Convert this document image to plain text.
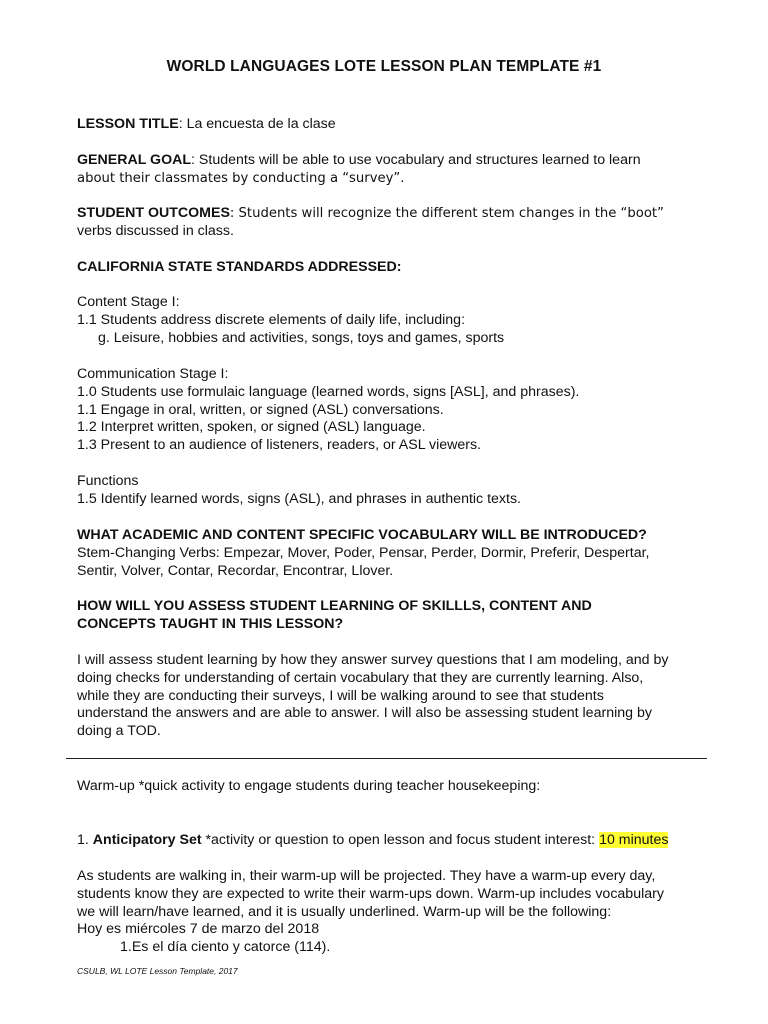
WORLD LANGUAGES LOTE LESSON PLAN TEMPLATE #1

LESSON TITLE: La encuesta de la clase

GENERAL GOAL: Students will be able to use vocabulary and structures learned to learn

about their classmates by conducting a “survey”.

STUDENT OUTCOMES: Students will recognize the different stem changes in the “boot”

verbs discussed in class.

CALIFORNIA STATE STANDARDS ADDRESSED:

Content Stage I:

1.1 Students address discrete elements of daily life, including:

g. Leisure, hobbies and activities, songs, toys and games, sports

Communication Stage I:

1.0 Students use formulaic language (learned words, signs [ASL], and phrases).

1.1 Engage in oral, written, or signed (ASL) conversations.

1.2 Interpret written, spoken, or signed (ASL) language.

1.3 Present to an audience of listeners, readers, or ASL viewers.

Functions

1.5 Identify learned words, signs (ASL), and phrases in authentic texts.

WHAT ACADEMIC AND CONTENT SPECIFIC VOCABULARY WILL BE INTRODUCED?

Stem-Changing Verbs: Empezar, Mover, Poder, Pensar, Perder, Dormir, Preferir, Despertar,

Sentir, Volver, Contar, Recordar, Encontrar, Llover.

HOW WILL YOU ASSESS STUDENT LEARNING OF SKILLLS, CONTENT AND

CONCEPTS TAUGHT IN THIS LESSON?

I will assess student learning by how they answer survey questions that I am modeling, and by

doing checks for understanding of certain vocabulary that they are currently learning. Also,

while they are conducting their surveys, I will be walking around to see that students

understand the answers and are able to answer. I will also be assessing student learning by

doing a TOD.

Warm-up *quick activity to engage students during teacher housekeeping:

1. Anticipatory Set *activity or question to open lesson and focus student interest: 10 minutes

As students are walking in, their warm-up will be projected. They have a warm-up every day,

students know they are expected to write their warm-ups down. Warm-up includes vocabulary

we will learn/have learned, and it is usually underlined. Warm-up will be the following:

Hoy es miércoles 7 de marzo del 2018

1.Es el día ciento y catorce (114).

CSULB, WL LOTE Lesson Template, 2017
